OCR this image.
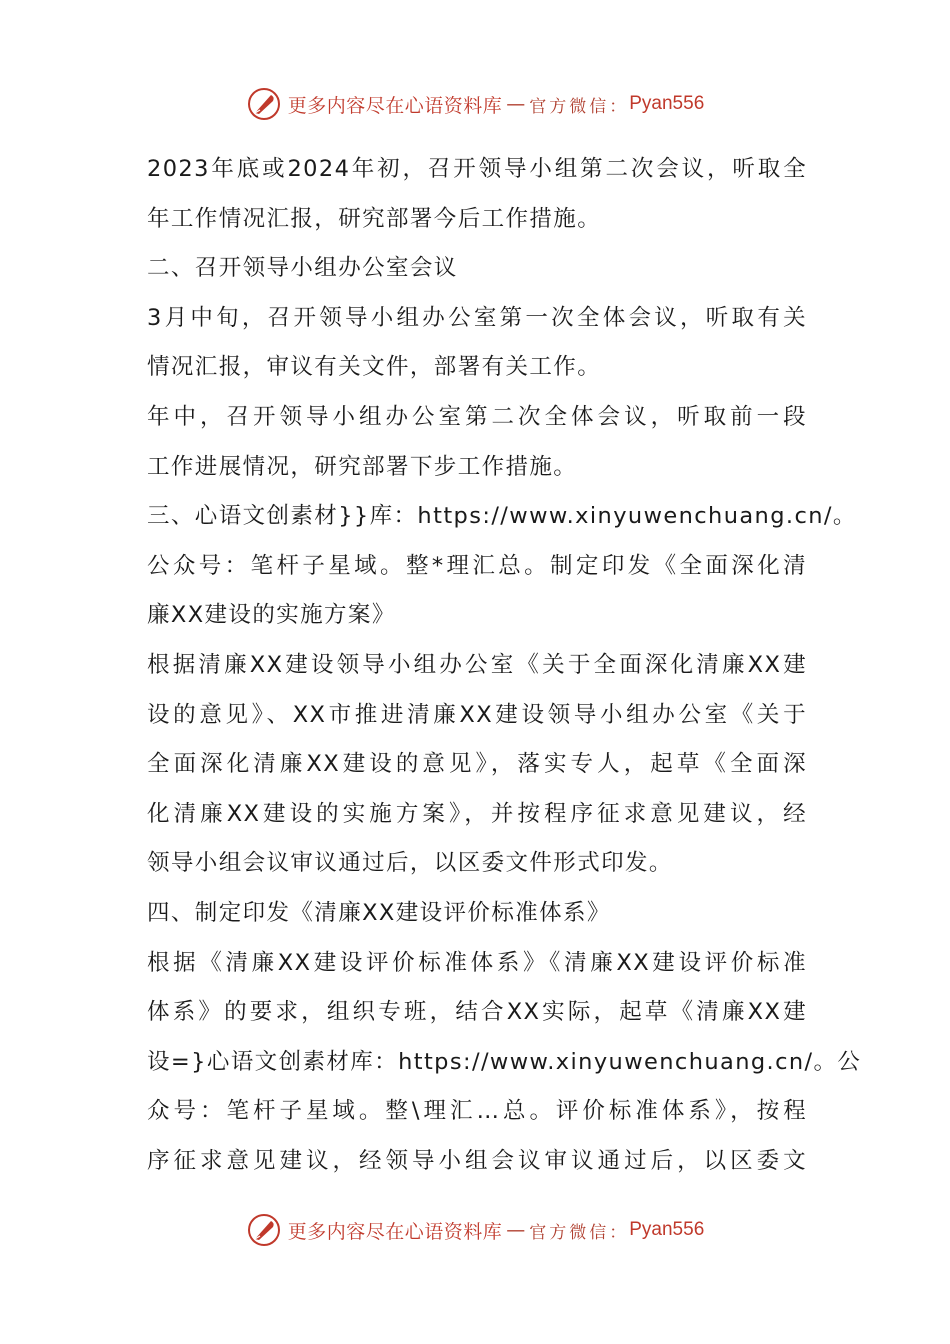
更多内容尽在心语资料库 — 官方微信： Pyan556
2023年底或2024年初，召开领导小组第二次会议，听取全
年工作情况汇报，研究部署今后工作措施。
二、召开领导小组办公室会议
3月中旬，召开领导小组办公室第一次全体会议，听取有关
情况汇报，审议有关文件，部署有关工作。
年中，召开领导小组办公室第二次全体会议，听取前一段
工作进展情况，研究部署下步工作措施。
三、心语文创素材}}库：https://www.xinyuwenchuang.cn/。
公众号：笔杆子星域。整*理汇总。制定印发《全面深化清
廉XX建设的实施方案》
根据清廉XX建设领导小组办公室《关于全面深化清廉XX建
设的意见》、XX市推进清廉XX建设领导小组办公室《关于
全面深化清廉XX建设的意见》，落实专人，起草《全面深
化清廉XX建设的实施方案》，并按程序征求意见建议，经
领导小组会议审议通过后，以区委文件形式印发。
四、制定印发《清廉XX建设评价标准体系》
根据《清廉XX建设评价标准体系》《清廉XX建设评价标准
体系》的要求，组织专班，结合XX实际，起草《清廉XX建
设=}心语文创素材库：https://www.xinyuwenchuang.cn/。公
众号：笔杆子星域。整\理汇…总。评价标准体系》，按程
序征求意见建议，经领导小组会议审议通过后，以区委文
更多内容尽在心语资料库 — 官方微信： Pyan556
